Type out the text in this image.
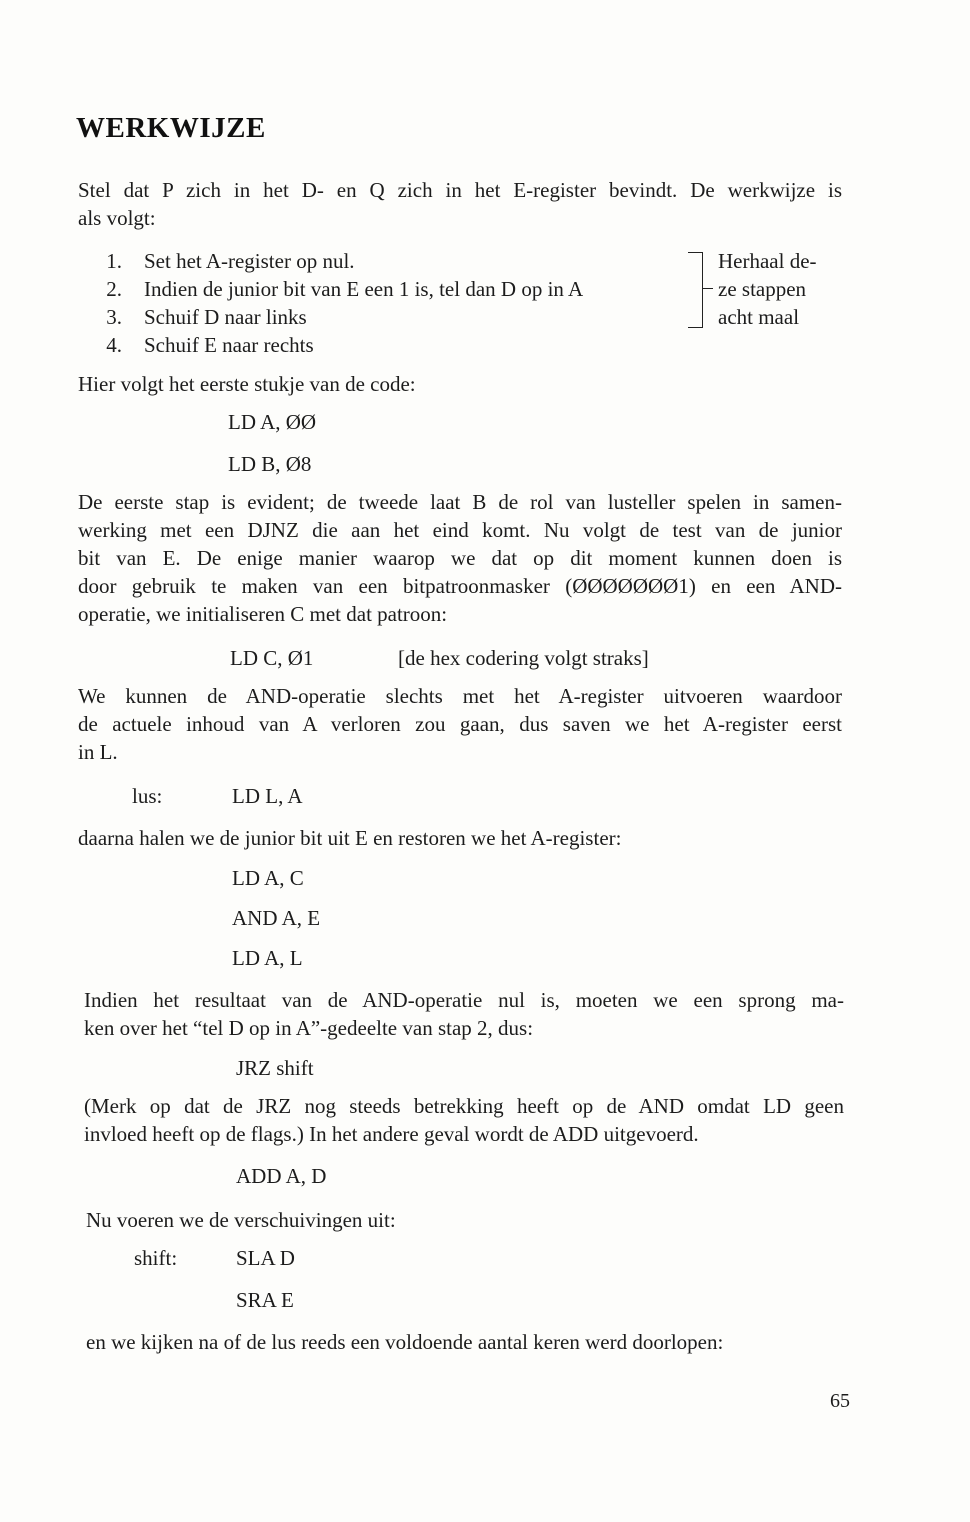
WERKWIJZE
Stel dat P zich in het D- en Q zich in het E-register bevindt. De werkwijze is
als volgt:
1. Set het A-register op nul.
2. Indien de junior bit van E een 1 is, tel dan D op in A
3. Schuif D naar links
4. Schuif E naar rechts
Herhaal de-
ze stappen
acht maal
Hier volgt het eerste stukje van de code:
LD A, ØØ
LD B, Ø8
De eerste stap is evident; de tweede laat B de rol van lusteller spelen in samen-
werking met een DJNZ die aan het eind komt. Nu volgt de test van de junior
bit van E. De enige manier waarop we dat op dit moment kunnen doen is
door gebruik te maken van een bitpatroonmasker (ØØØØØØØ1) en een AND-
operatie, we initialiseren C met dat patroon:
LD C, Ø1	[de hex codering volgt straks]
We kunnen de AND-operatie slechts met het A-register uitvoeren waardoor
de actuele inhoud van A verloren zou gaan, dus saven we het A-register eerst
in L.
lus:	LD L, A
daarna halen we de junior bit uit E en restoren we het A-register:
LD A, C
AND A, E
LD A, L
Indien het resultaat van de AND-operatie nul is, moeten we een sprong ma-
ken over het “tel D op in A”-gedeelte van stap 2, dus:
JRZ shift
(Merk op dat de JRZ nog steeds betrekking heeft op de AND omdat LD geen
invloed heeft op de flags.) In het andere geval wordt de ADD uitgevoerd.
ADD A, D
Nu voeren we de verschuivingen uit:
shift:	SLA D
SRA E
en we kijken na of de lus reeds een voldoende aantal keren werd doorlopen:
65
